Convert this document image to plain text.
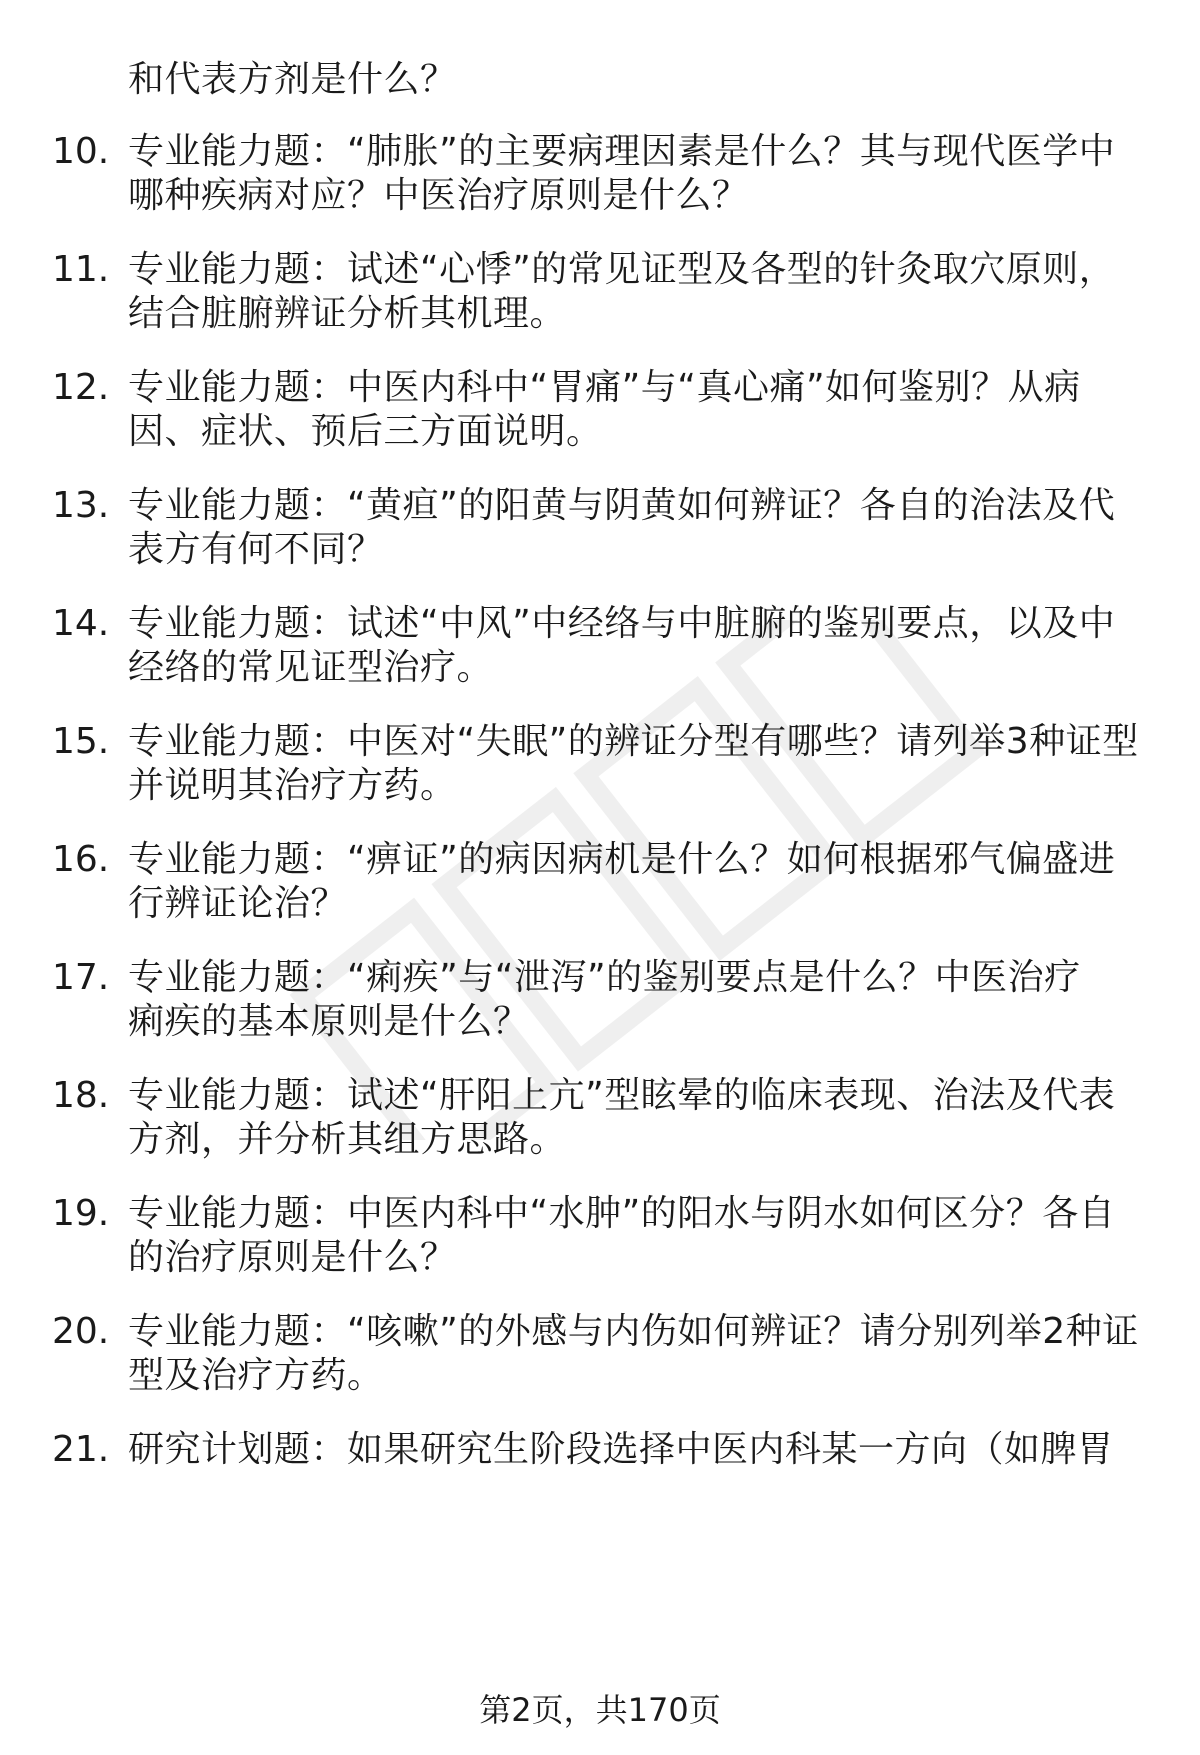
和代表方剂是什么？
10. 专业能力题：“肺胀”的主要病理因素是什么？其与现代医学中
哪种疾病对应？中医治疗原则是什么？
11. 专业能力题：试述“心悸”的常见证型及各型的针灸取穴原则，
结合脏腑辨证分析其机理。
12. 专业能力题：中医内科中“胃痛”与“真心痛”如何鉴别？从病
因、症状、预后三方面说明。
13. 专业能力题：“黄疸”的阳黄与阴黄如何辨证？各自的治法及代
表方有何不同？
14. 专业能力题：试述“中风”中经络与中脏腑的鉴别要点，以及中
经络的常见证型治疗。
15. 专业能力题：中医对“失眠”的辨证分型有哪些？请列举3种证型
并说明其治疗方药。
16. 专业能力题：“痹证”的病因病机是什么？如何根据邪气偏盛进
行辨证论治？
17. 专业能力题：“痢疾”与“泄泻”的鉴别要点是什么？中医治疗
痢疾的基本原则是什么？
18. 专业能力题：试述“肝阳上亢”型眩晕的临床表现、治法及代表
方剂，并分析其组方思路。
19. 专业能力题：中医内科中“水肿”的阳水与阴水如何区分？各自
的治疗原则是什么？
20. 专业能力题：“咳嗽”的外感与内伤如何辨证？请分别列举2种证
型及治疗方药。
21. 研究计划题：如果研究生阶段选择中医内科某一方向（如脾胃
第2页，共170页
